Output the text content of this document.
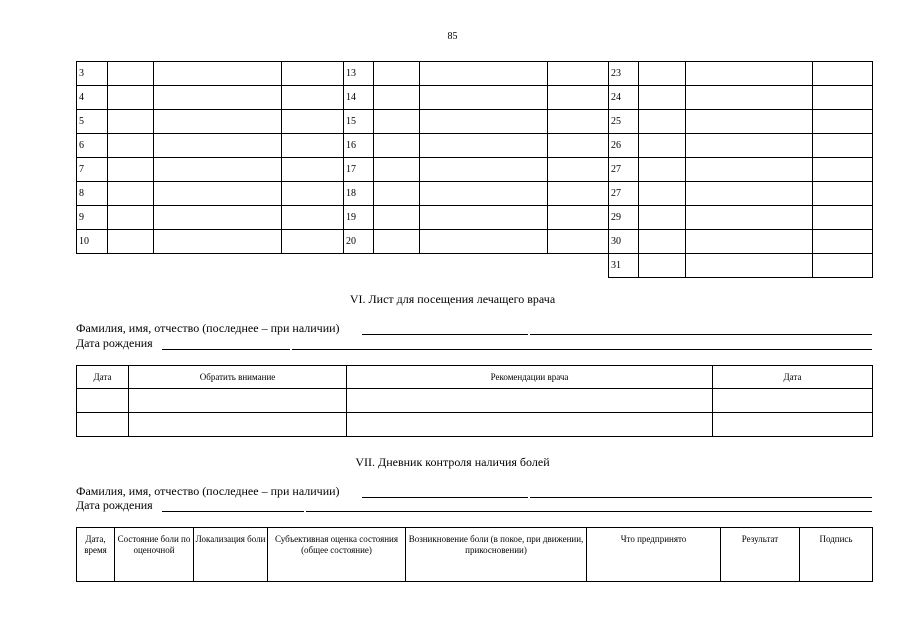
85
3				13				23			
4				14				24			
5				15				25			
6				16				26			
7				17				27			
8				18				27			
9				19				29			
10				20				30			
								31			
VI. Лист для посещения лечащего врача
Фамилия, имя, отчество (последнее – при наличии)
Дата рождения
Дата	Обратить внимание	Рекомендации врача	Дата

VII. Дневник контроля наличия болей
Фамилия, имя, отчество (последнее – при наличии)
Дата рождения
Дата, время	Состояние боли по оценочной	Локализация боли	Субъективная оценка состояния (общее состояние)	Возникновение боли (в покое, при движении, прикосновении)	Что предпринято	Результат	Подпись
